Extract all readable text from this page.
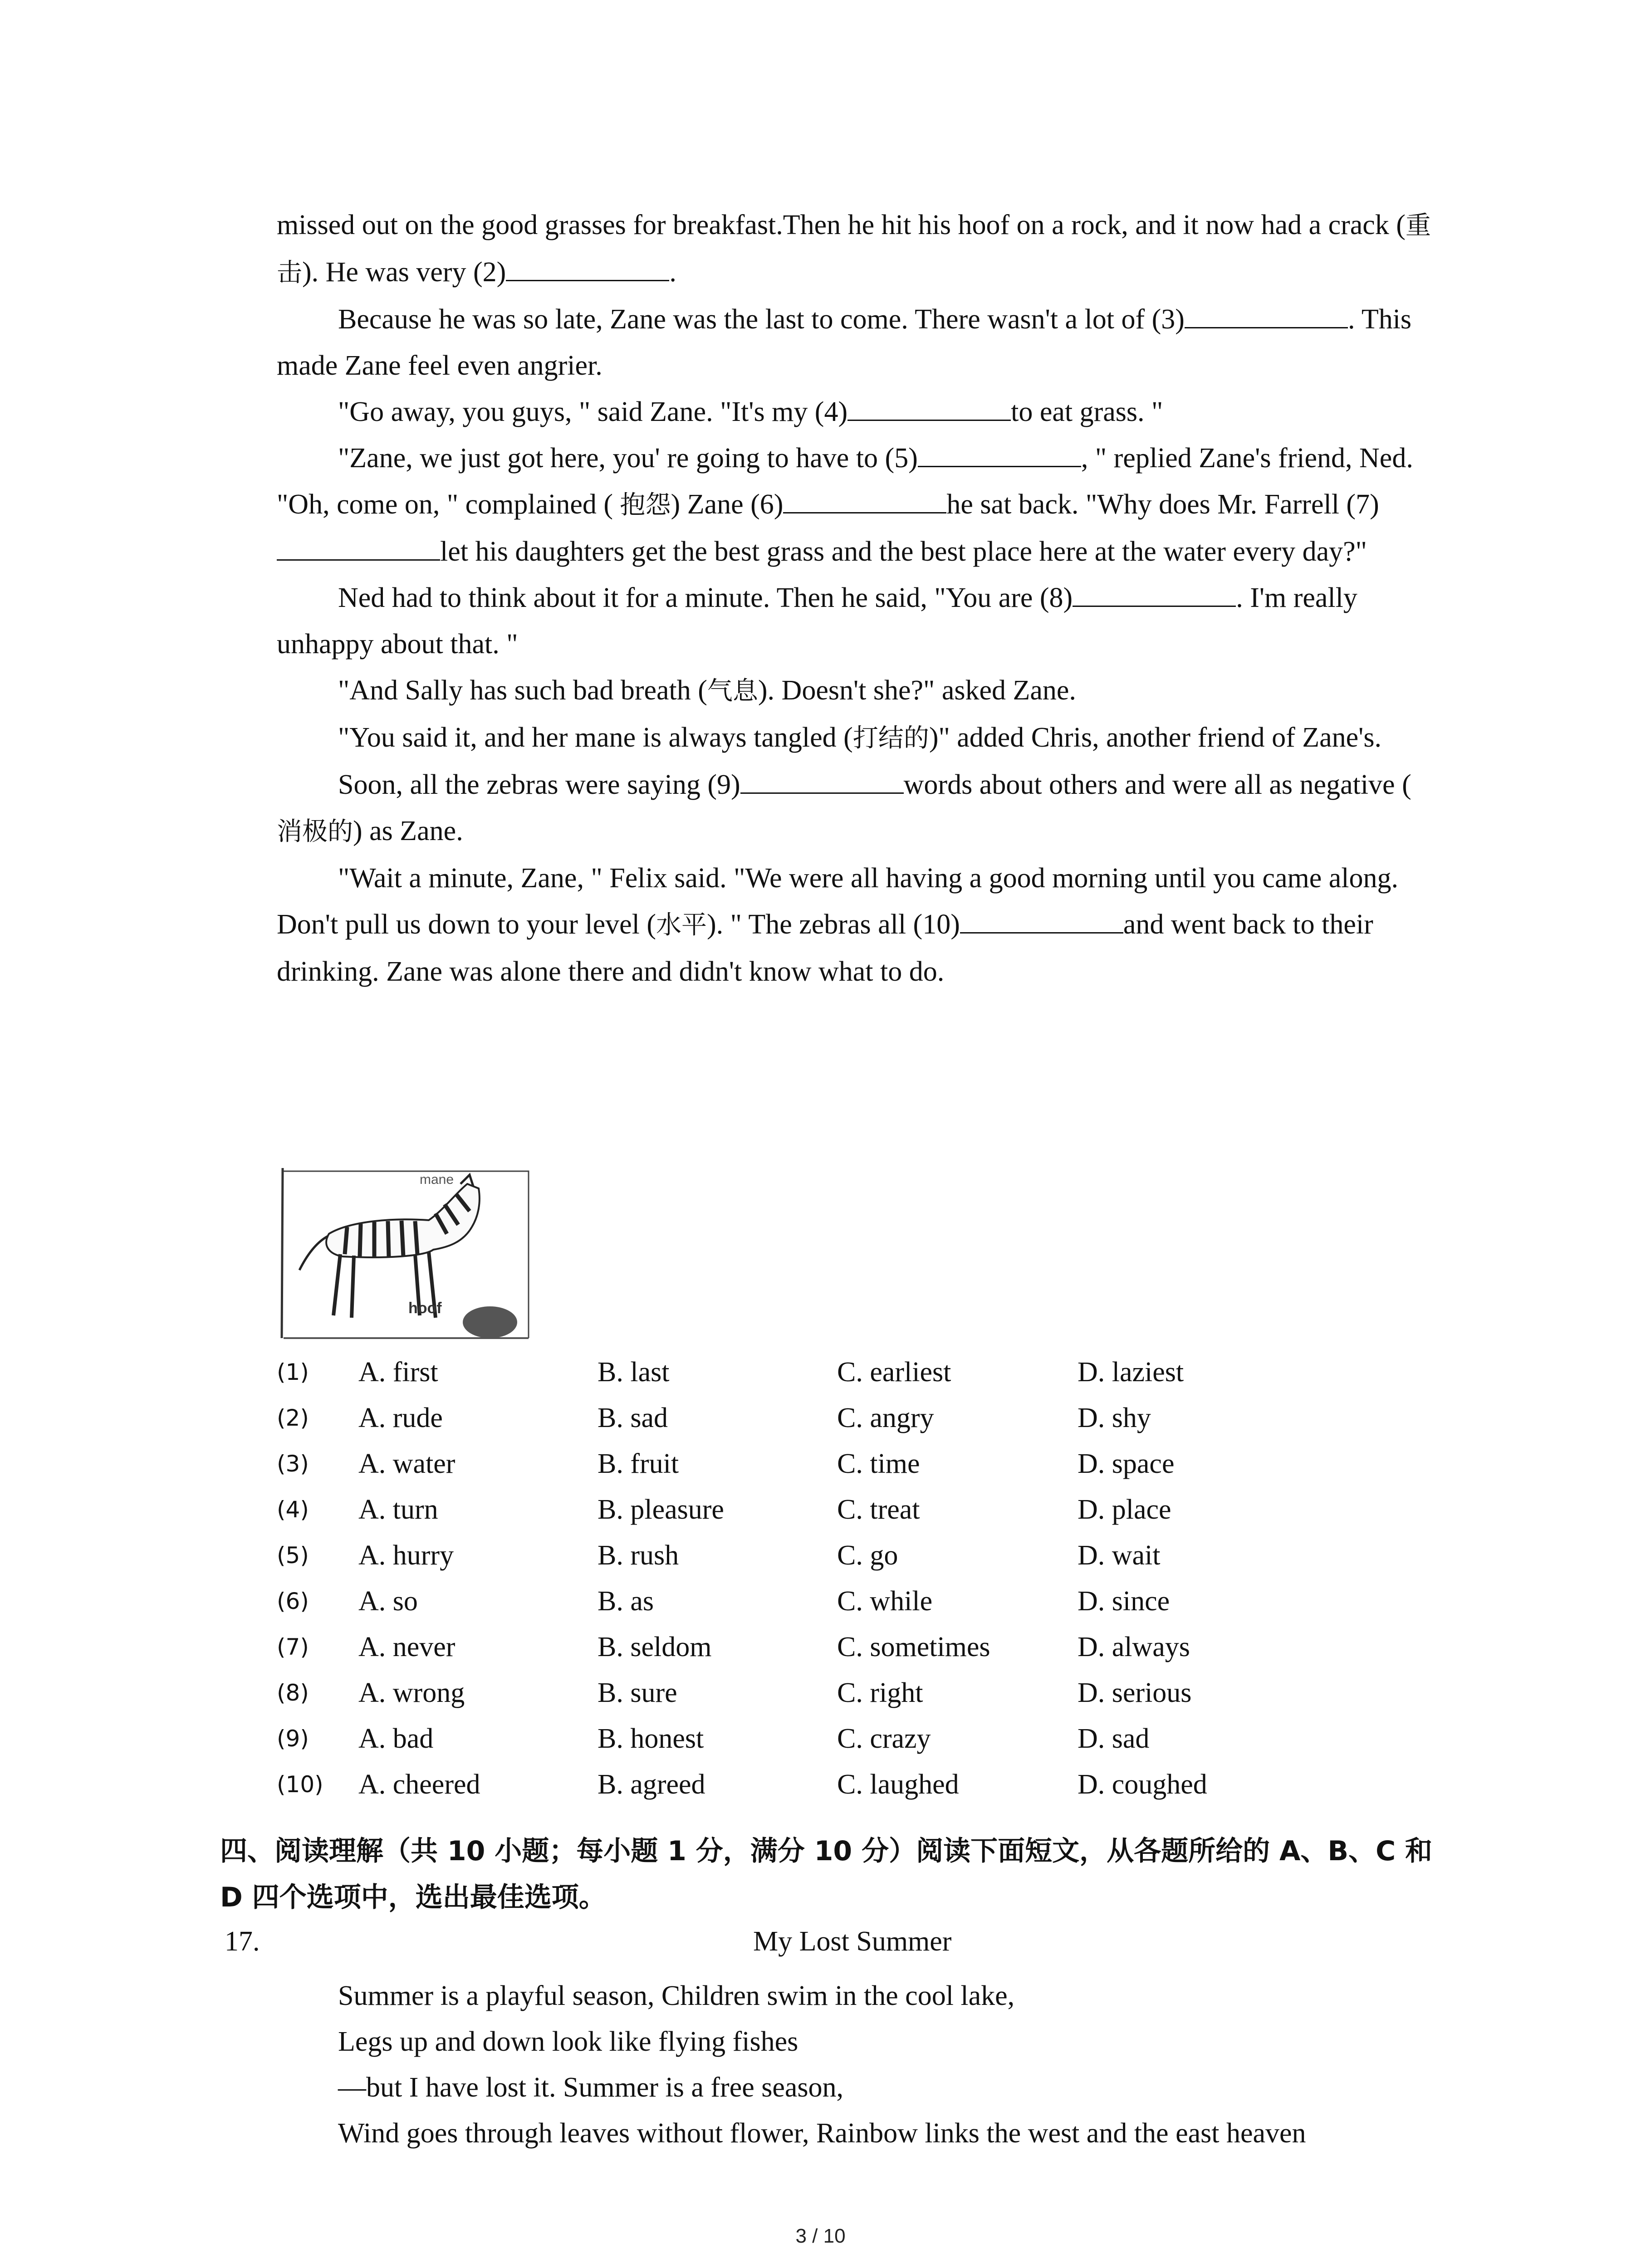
missed out on the good grasses for breakfast.Then he hit his hoof on a rock, and it now had a crack (重击). He was very (2)	.

Because he was so late, Zane was the last to come. There wasn't a lot of (3)	. This made Zane feel even angrier.

"Go away, you guys, " said Zane. "It's my (4)	to eat grass. "

"Zane, we just got here, you' re going to have to (5)	, " replied Zane's friend, Ned. "Oh, come on, " complained ( 抱怨) Zane (6)	he sat back. "Why does Mr. Farrell (7)let his daughters get the best grass and the best place here at the water every day?"

Ned had to think about it for a minute. Then he said, "You are (8)	. I'm really unhappy about that. "

"And Sally has such bad breath (气息). Doesn't she?" asked Zane.

"You said it, and her mane is always tangled (打结的)" added Chris, another friend of Zane's.

Soon, all the zebras were saying (9)	words about others and were all as negative ( 消极的) as Zane.

"Wait a minute, Zane, " Felix said. "We were all having a good morning until you came along. Don't pull us down to your level (水平). " The zebras all (10)	and went back to their drinking. Zane was alone there and didn't know what to do.

mane
hoof
(1) A. first	B. last	C. earliest	D. laziest
(2) A. rude	B. sad	C. angry	D. shy
(3) A. water	B. fruit	C. time	D. space
(4) A. turn	B. pleasure	C. treat	D. place
(5) A. hurry	B. rush	C. go	D. wait
(6) A. so	B. as	C. while	D. since
(7) A. never	B. seldom	C. sometimes	D. always
(8) A. wrong	B. sure	C. right	D. serious
(9) A. bad	B. honest	C. crazy	D. sad
(10) A. cheered	B. agreed	C. laughed	D. coughed
四、阅读理解（共 10 小题；每小题 1 分，满分 10 分）阅读下面短文，从各题所给的 A、B、C 和 D 四个选项中，选出最佳选项。
17.	My Lost Summer
Summer is a playful season, Children swim in the cool lake,
Legs up and down look like flying fishes
—but I have lost it. Summer is a free season,
Wind goes through leaves without flower, Rainbow links the west and the east heaven
3 / 10
